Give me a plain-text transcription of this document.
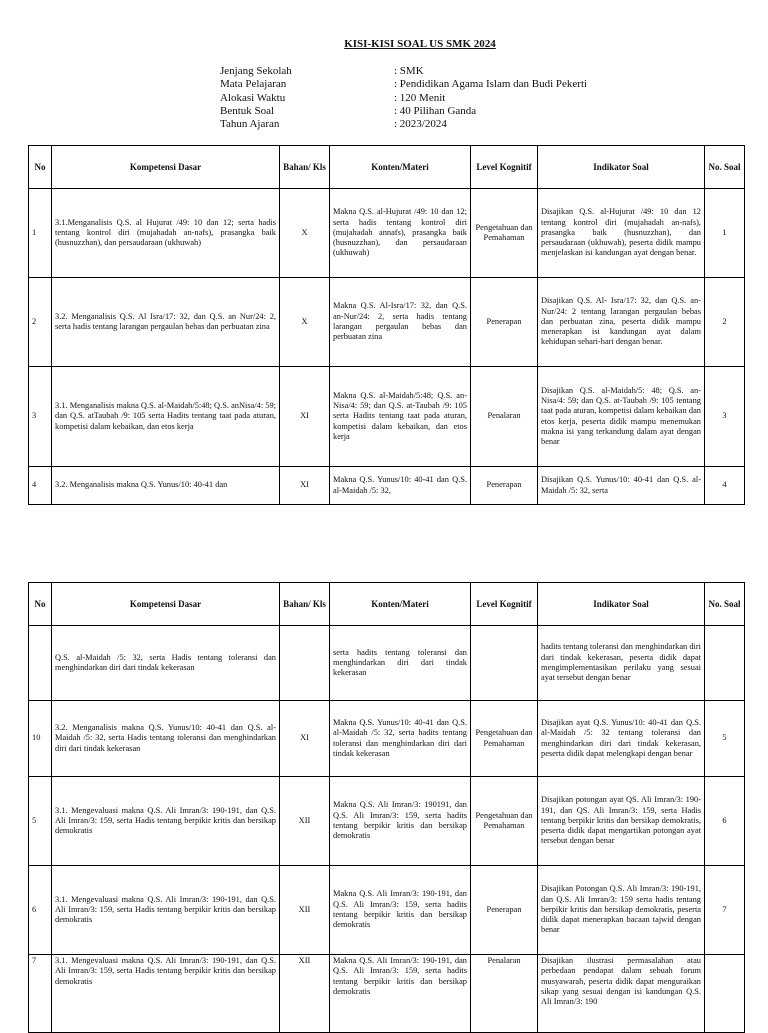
KISI-KISI SOAL US SMK 2024
Jenjang Sekolah	: SMK
Mata Pelajaran	: Pendidikan Agama Islam dan Budi Pekerti
Alokasi Waktu	: 120 Menit
Bentuk Soal	: 40 Pilihan Ganda
Tahun Ajaran	: 2023/2024
No	Kompetensi Dasar	Bahan/ Kls	Konten/Materi	Level Kognitif	Indikator Soal	No. Soal
1	3.1.Menganalisis Q.S. al Hujurat /49: 10 dan 12; serta hadis tentang kontrol diri (mujahadah an-nafs), prasangka baik (husnuzzhan), dan persaudaraan (ukhuwah)	X	Makna Q.S. al-Hujurat /49: 10 dan 12; serta hadis tentang kontrol diri (mujahadah annafs), prasangka baik (husnuzzhan), dan persaudaraan (ukhuwah)	Pengetahuan dan Pemahaman	Disajikan Q.S. al-Hujurat /49: 10 dan 12 tentang kontrol diri (mujahadah an-nafs), prasangka baik (husnuzzhan), dan persaudaraan (ukhuwah), peserta didik mampu menjelaskan isi kandungan ayat dengan benar.	1
2	3.2. Menganalisis Q.S. Al Isra/17: 32, dan Q.S. an Nur/24: 2, serta hadis tentang larangan pergaulan bebas dan perbuatan zina	X	Makna Q.S. Al-Isra/17: 32, dan Q.S. an-Nur/24: 2, serta hadis tentang larangan pergaulan bebas dan perbuatan zina	Penerapan	Disajikan Q.S. Al- Isra/17: 32, dan Q.S. an- Nur/24: 2 tentang larangan pergaulan bebas dan perbuatan zina, peserta didik mampu menerapkan isi kandungan ayat dalam kehidupan sehari-hari dengan benar.	2
3	3.1. Menganalisis makna Q.S. al-Maidah/5:48; Q.S. anNisa/4: 59; dan Q.S. atTaubah /9: 105 serta Hadits tentang taat pada aturan, kompetisi dalam kebaikan, dan etos kerja	XI	Makna Q.S. al-Maidah/5:48; Q.S. an-Nisa/4: 59; dan Q.S. at-Taubah /9: 105 serta Hadits tentang taat pada aturan, kompetisi dalam kebaikan, dan etos kerja	Penalaran	Disajikan Q.S. al-Maidah/5: 48; Q.S. an-Nisa/4: 59; dan Q.S. at-Taubah /9: 105 tentang taat pada aturan, kompetisi dalam kebaikan dan etos kerja, peserta didik mampu menemukan makna isi yang terkandung dalam ayat dengan benar	3
4	3.2. Menganalisis makna Q.S. Yunus/10: 40-41 dan	XI	Makna Q.S. Yunus/10: 40-41 dan Q.S. al-Maidah /5: 32,	Penerapan	Disajikan Q.S. Yunus/10: 40-41 dan Q.S. al-Maidah /5: 32, serta	4
No	Kompetensi Dasar	Bahan/ Kls	Konten/Materi	Level Kognitif	Indikator Soal	No. Soal
	Q.S. al-Maidah /5: 32, serta Hadis tentang toleransi dan menghindarkan diri dari tindak kekerasan		serta hadits tentang toleransi dan menghindarkan diri dari tindak kekerasan		hadits tentang toleransi dan menghindarkan diri dari tindak kekerasan, peserta didik dapat mengimplementasikan perilaku yang sesuai ayat tersebut dengan benar	
10	3.2. Menganalisis makna Q.S. Yunus/10: 40-41 dan Q.S. al-Maidah /5: 32, serta Hadis tentang toleransi dan menghindarkan diri dari tindak kekerasan	XI	Makna Q.S. Yunus/10: 40-41 dan Q.S. al-Maidah /5: 32, serta hadits tentang toleransi dan menghindarkan diri dari tindak kekerasan	Pengetahuan dan Pemahaman	Disajikan ayat Q.S. Yunus/10: 40-41 dan Q.S. al-Maidah /5: 32 tentang toleransi dan menghindarkan diri dari tindak kekerasan, peserta didik dapat melengkapi dengan benar	5
5	3.1. Mengevaluasi makna Q.S. Ali Imran/3: 190-191, dan Q.S. Ali Imran/3: 159, serta Hadis tentang berpikir kritis dan bersikap demokratis	XII	Makna Q.S. Ali Imran/3: 190191, dan Q.S. Ali Imran/3: 159, serta hadits tentang berpikir kritis dan bersikap demokratis	Pengetahuan dan Pemahaman	Disajikan potongan ayat QS. Ali Imran/3: 190-191, dan QS. Ali Imran/3: 159, serta Hadis tentang berpikir kritis dan bersikap demokratis, peserta didik dapat mengartikan potongan ayat tersebut dengan benar	6
6	3.1. Mengevaluasi makna Q.S. Ali Imran/3: 190-191, dan Q.S. Ali Imran/3: 159, serta Hadis tentang berpikir kritis dan bersikap demokratis	XII	Makna Q.S. Ali Imran/3: 190-191, dan Q.S. Ali Imran/3: 159, serta hadits tentang berpikir kritis dan bersikap demokratis	Penerapan	Disajikan Potongan Q.S. Ali Imran/3: 190-191, dan Q.S. Ali Imran/3: 159 serta hadis tentang berpikir kritis dan bersikap demokratis, peserta didik dapat menerapkan bacaan tajwid dengan benar	7
7	3.1. Mengevaluasi makna Q.S. Ali Imran/3: 190-191, dan Q.S. Ali Imran/3: 159, serta Hadis tentang berpikir kritis dan bersikap demokratis	XII	Makna Q.S. Ali Imran/3: 190-191, dan Q.S. Ali Imran/3: 159, serta hadits tentang berpikir kritis dan bersikap demokratis	Penalaran	Disajikan ilustrasi permasalahan atau perbedaan pendapat dalam sebuah forum musyawarah, peserta didik dapat menguraikan sikap yang sesuai dengan isi kandungan Q.S. Ali Imran/3: 190	
